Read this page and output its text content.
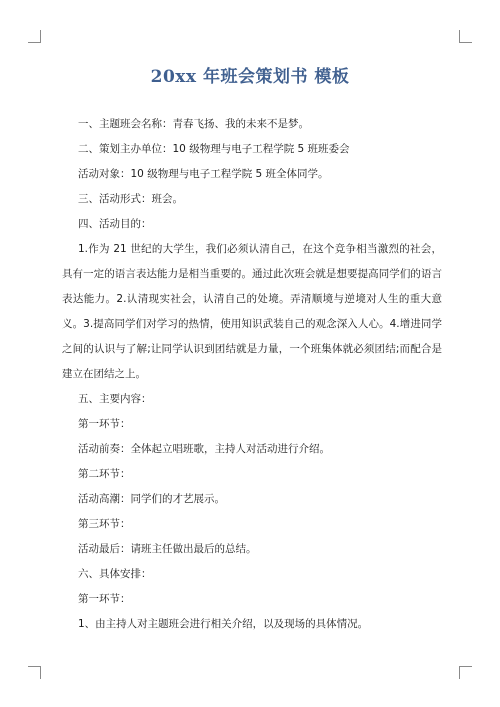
20xx 年班会策划书 模板

一、主题班会名称：青春飞扬、我的未来不是梦。

二、策划主办单位：10 级物理与电子工程学院 5 班班委会

活动对象：10 级物理与电子工程学院 5 班全体同学。

三、活动形式：班会。

四、活动目的：

1.作为 21 世纪的大学生，我们必须认清自己，在这个竞争相当激烈的社会，具有一定的语言表达能力是相当重要的。通过此次班会就是想要提高同学们的语言表达能力。2.认清现实社会，认清自己的处境。弄清顺境与逆境对人生的重大意义。3.提高同学们对学习的热情，使用知识武装自己的观念深入人心。4.增进同学之间的认识与了解;让同学认识到团结就是力量，一个班集体就必须团结;而配合是建立在团结之上。

五、主要内容：

第一环节：

活动前奏：全体起立唱班歌，主持人对活动进行介绍。

第二环节：

活动高潮：同学们的才艺展示。

第三环节：

活动最后：请班主任做出最后的总结。

六、具体安排：

第一环节：

1、由主持人对主题班会进行相关介绍，以及现场的具体情况。
